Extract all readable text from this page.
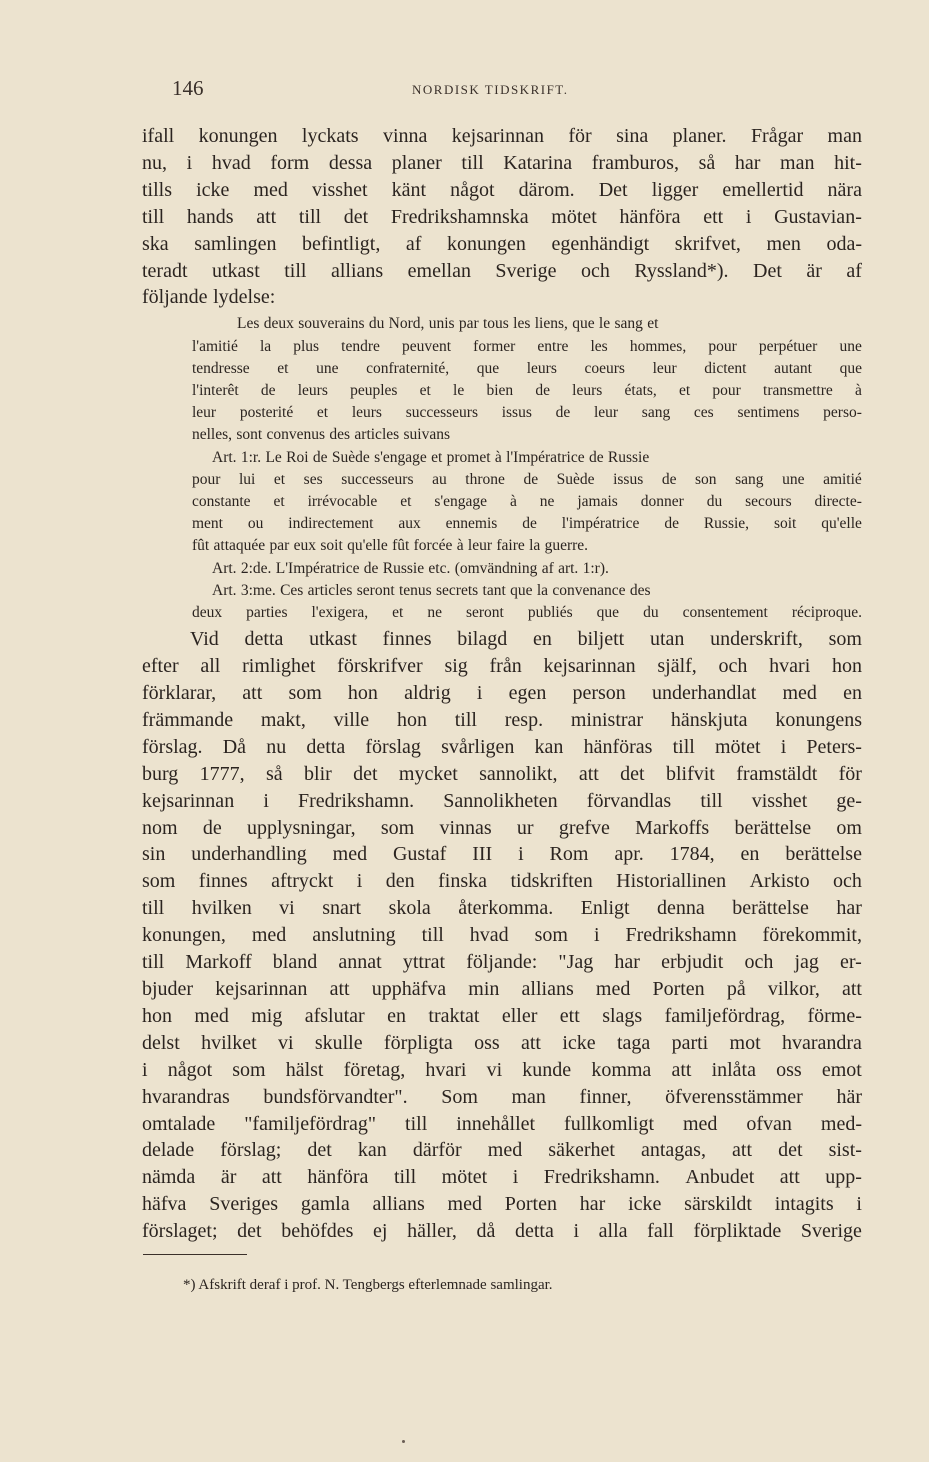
146	NORDISK TIDSKRIFT.
ifall konungen lyckats vinna kejsarinnan för sina planer. Frågar man
nu, i hvad form dessa planer till Katarina framburos, så har man hit-
tills icke med visshet känt något därom. Det ligger emellertid nära
till hands att till det Fredrikshamnska mötet hänföra ett i Gustavian-
ska samlingen befintligt, af konungen egenhändigt skrifvet, men oda-
teradt utkast till allians emellan Sverige och Ryssland*). Det är af
följande lydelse:
Les deux souverains du Nord, unis par tous les liens, que le sang et
l'amitié la plus tendre peuvent former entre les hommes, pour perpétuer une
tendresse et une confraternité, que leurs coeurs leur dictent autant que
l'interêt de leurs peuples et le bien de leurs états, et pour transmettre à
leur posterité et leurs successeurs issus de leur sang ces sentimens perso-
nelles, sont convenus des articles suivans
Art. 1:r. Le Roi de Suède s'engage et promet à l'Impératrice de Russie
pour lui et ses successeurs au throne de Suède issus de son sang une amitié
constante et irrévocable et s'engage à ne jamais donner du secours directe-
ment ou indirectement aux ennemis de l'impératrice de Russie, soit qu'elle
fût attaquée par eux soit qu'elle fût forcée à leur faire la guerre.
Art. 2:de. L'Impératrice de Russie etc. (omvändning af art. 1:r).
Art. 3:me. Ces articles seront tenus secrets tant que la convenance des
deux parties l'exigera, et ne seront publiés que du consentement réciproque.
Vid detta utkast finnes bilagd en biljett utan underskrift, som
efter all rimlighet förskrifver sig från kejsarinnan själf, och hvari hon
förklarar, att som hon aldrig i egen person underhandlat med en
främmande makt, ville hon till resp. ministrar hänskjuta konungens
förslag. Då nu detta förslag svårligen kan hänföras till mötet i Peters-
burg 1777, så blir det mycket sannolikt, att det blifvit framstäldt för
kejsarinnan i Fredrikshamn. Sannolikheten förvandlas till visshet ge-
nom de upplysningar, som vinnas ur grefve Markoffs berättelse om
sin underhandling med Gustaf III i Rom apr. 1784, en berättelse
som finnes aftryckt i den finska tidskriften Historiallinen Arkisto och
till hvilken vi snart skola återkomma. Enligt denna berättelse har
konungen, med anslutning till hvad som i Fredrikshamn förekommit,
till Markoff bland annat yttrat följande: "Jag har erbjudit och jag er-
bjuder kejsarinnan att upphäfva min allians med Porten på vilkor, att
hon med mig afslutar en traktat eller ett slags familjefördrag, förme-
delst hvilket vi skulle förpligta oss att icke taga parti mot hvarandra
i något som hälst företag, hvari vi kunde komma att inlåta oss emot
hvarandras bundsförvandter". Som man finner, öfverensstämmer här
omtalade "familjefördrag" till innehållet fullkomligt med ofvan med-
delade förslag; det kan därför med säkerhet antagas, att det sist-
nämda är att hänföra till mötet i Fredrikshamn. Anbudet att upp-
häfva Sveriges gamla allians med Porten har icke särskildt intagits i
förslaget; det behöfdes ej häller, då detta i alla fall förpliktade Sverige
*) Afskrift deraf i prof. N. Tengbergs efterlemnade samlingar.
